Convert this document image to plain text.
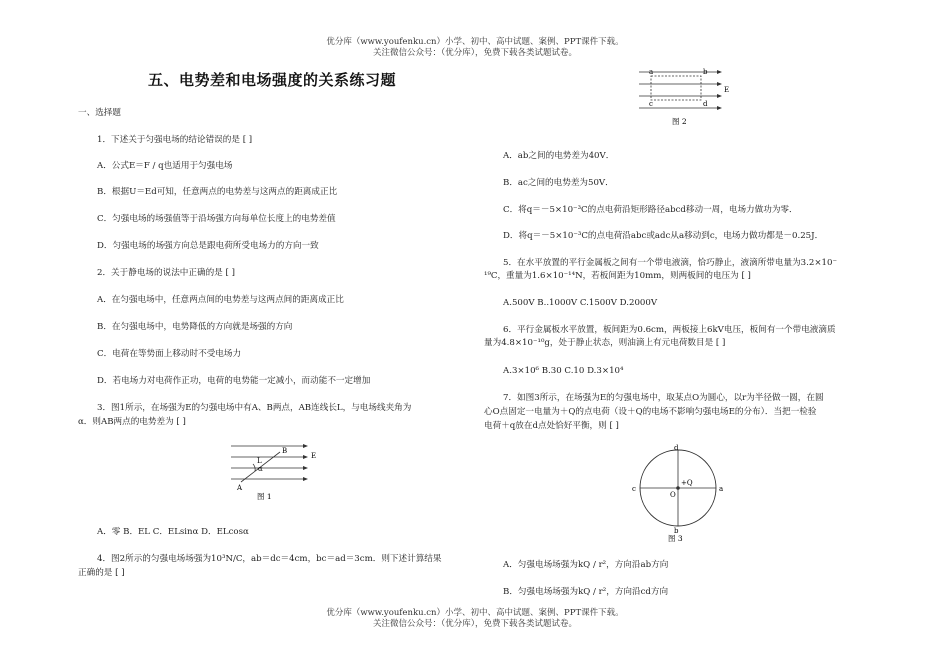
优分库（www.youfenku.cn）小学、初中、高中试题、案例、PPT课件下载。
关注微信公众号：（优分库），免费下载各类试题试卷。
五、电势差和电场强度的关系练习题
一、选择题
1．下述关于匀强电场的结论错误的是 [ ]
A．公式E＝F / q也适用于匀强电场
B．根据U＝Ed可知，任意两点的电势差与这两点的距离成正比
C．匀强电场的场强值等于沿场强方向每单位长度上的电势差值
D．匀强电场的场强方向总是跟电荷所受电场力的方向一致
2．关于静电场的说法中正确的是 [ ]
A．在匀强电场中，任意两点间的电势差与这两点间的距离成正比
B．在匀强电场中，电势降低的方向就是场强的方向
C．电荷在等势面上移动时不受电场力
D．若电场力对电荷作正功，电荷的电势能一定减小，而动能不一定增加
3．图1所示，在场强为E的匀强电场中有A、B两点，AB连线长L，与电场线夹角为
α．则AB两点的电势差为 [ ]
E
B
A
L
α
图 1
A．零 B．EL C．ELsinα D．ELcosα
4．图2所示的匀强电场场强为10³N/C，ab＝dc＝4cm，bc＝ad＝3cm．则下述计算结果
正确的是 [ ]
a	b
c	d
E
图 2
A．ab之间的电势差为40V．
B．ac之间的电势差为50V．
C．将q＝－5×10⁻³C的点电荷沿矩形路径abcd移动一周，电场力做功为零．
D．将q＝－5×10⁻³C的点电荷沿abc或adc从a移动到c，电场力做功都是－0.25J．
5．在水平放置的平行金属板之间有一个带电液滴，恰巧静止，液滴所带电量为3.2×10⁻
¹⁹C，重量为1.6×10⁻¹⁴N，若板间距为10mm，则两板间的电压为 [ ]
A.500V B..1000V C.1500V D.2000V
6．平行金属板水平放置，板间距为0.6cm，两板接上6kV电压，板间有一个带电液滴质
量为4.8×10⁻¹⁰g，处于静止状态，则油滴上有元电荷数目是 [ ]
A.3×10⁶ B.30 C.10 D.3×10⁴
7．如图3所示，在场强为E的匀强电场中，取某点O为圆心，以r为半径做一圆，在圆
心O点固定一电量为＋Q的点电荷（设＋Q的电场不影响匀强电场E的分布）．当把一检验
电荷＋q放在d点处恰好平衡，则 [ ]
d
b
c	a
+Q
O
图 3
A．匀强电场场强为kQ / r²，方向沿ab方向
B．匀强电场场强为kQ / r²，方向沿cd方向
优分库（www.youfenku.cn）小学、初中、高中试题、案例、PPT课件下载。
关注微信公众号：（优分库），免费下载各类试题试卷。
